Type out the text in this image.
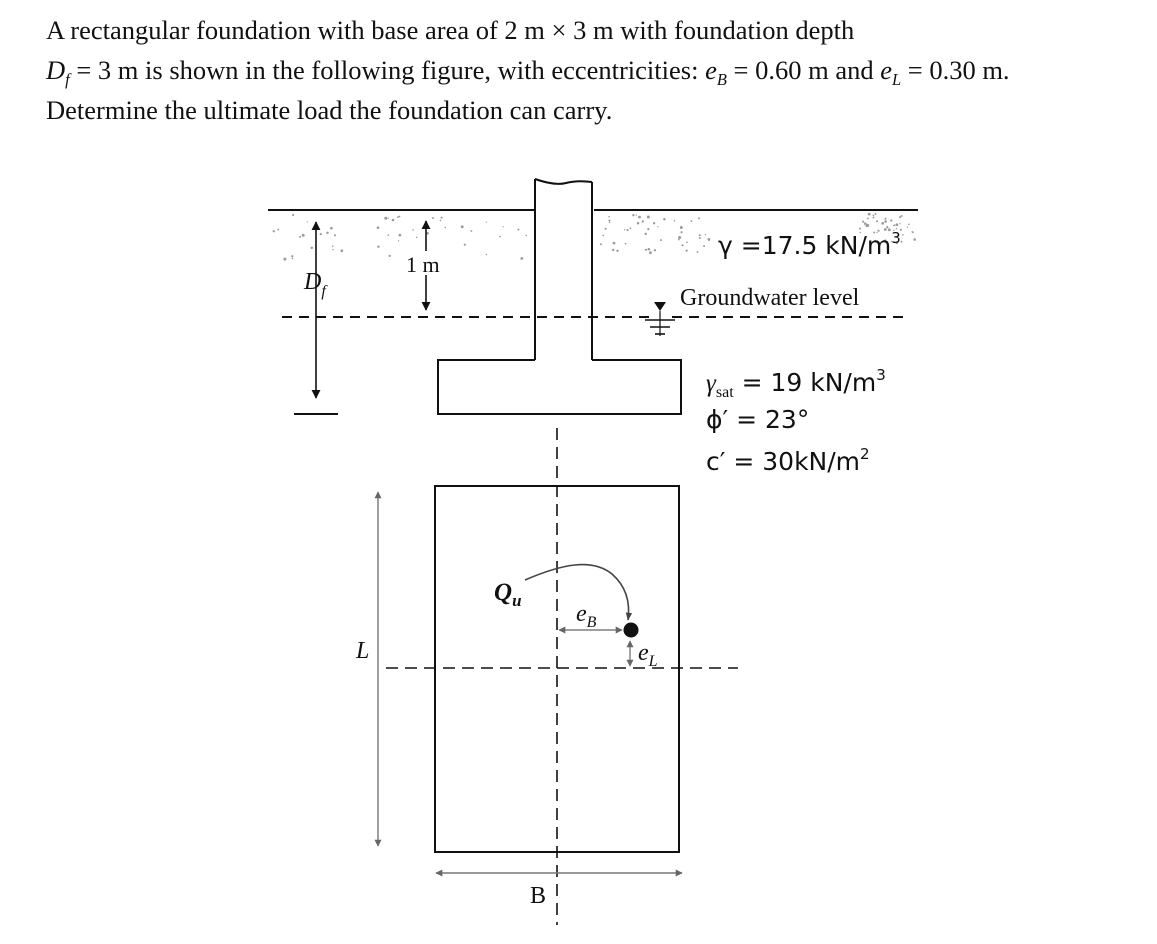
A rectangular foundation with base area of 2 m × 3 m with foundation depth

$D_f = 3$ m is shown in the following figure, with eccentricities: $e_B = 0.60$ m and $e_L = 0.30$ m.

Determine the ultimate load the foundation can carry.

$D_f$
1 m
γ =17.5 $kN/m^3$
Groundwater level
$\gamma_{sat} = 19$ $kN/m^3$
ϕ′ = 23°
$c' = 30kN/m^2$
L
B
$Q_u$
$e_B$
$e_L$
